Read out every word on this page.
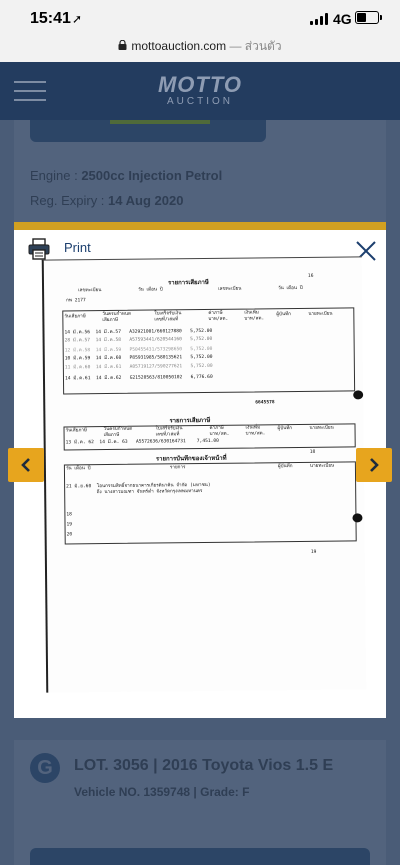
15:41 ➚	4G
mottoauction.com — ส่วนตัว
MOTTO
AUCTION
Engine : 2500cc Injection Petrol
Reg. Expiry : 14 Aug 2020
G	LOT. 3056 | 2016 Toyota Vios 1.5 E
Vehicle NO. 1359748 | Grade: F
Print
รายการเสียภาษี
16
เลขทะเบียน	วัน เดือน ปี	เลขทะเบียน	วัน เดือน ปี
กพ 2177
วันเสียภาษี	วันครบกำหนด
เสียภาษี
ใบเสร็จรับเงิน
เลขที่/เล่มที่
ค่าภาษี
บาท/สต.
เงินเพิ่ม
บาท/สต.
ผู้บันทึก	นายทะเบียน
14 มี.ค.56  14 มี.ค.57   A32921001/660127880   5,752.00
28 มี.ค.57  14 มี.ค.58   A57593441/620544160   5,752.00
12 มี.ค.58  14 มี.ค.59   P50455431/573298650   5,752.00
10 มี.ค.59  14 มี.ค.60   P85931985/580135621   5,752.00
11 มี.ค.60  14 มี.ค.61   A05719127/590277621   5,752.00
14 มี.ค.61  14 มี.ค.62   G21520563/810050102   6,776.60
6645578
รายการเสียภาษี
วันเสียภาษี	วันครบกำหนด
เสียภาษี
ใบเสร็จรับเงิน
เลขที่/เล่มที่
ค่าภาษี
บาท/สต.
เงินเพิ่ม
บาท/สต.
ผู้บันทึก	นายทะเบียน
13 มี.ค. 62  14 มี.ค. 63   A5572636/630164731    7,451.00
รายการบันทึกของเจ้าหน้าที่
18
วัน เดือน ปี	รายการ	ผู้บันทึก	นายทะเบียน
21 มิ.ย.60  โอนกรรมสิทธิ์จากธนาคารเกียรตินาคิน จำกัด (มหาชน)
ถึง นางสาวมณฑา จันทร์ดำ จังหวัดกรุงเทพมหานคร
18
19
20
19
